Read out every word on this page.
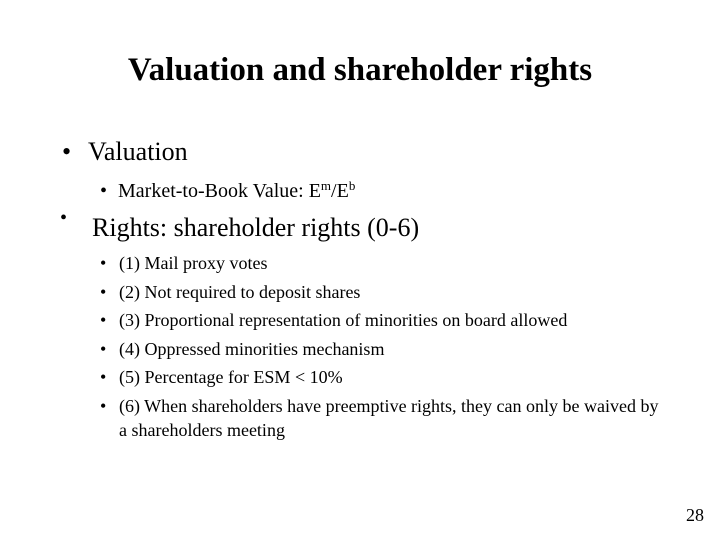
Valuation and shareholder rights
• Valuation
• Market-to-Book Value: $E^m/E^b$
• Rights: shareholder rights (0-6)
• (1) Mail proxy votes
• (2) Not required to deposit shares
• (3) Proportional representation of minorities on board allowed
• (4) Oppressed minorities mechanism
• (5) Percentage for ESM < 10%
• (6) When shareholders have preemptive rights, they can only be waived by a shareholders meeting
28
